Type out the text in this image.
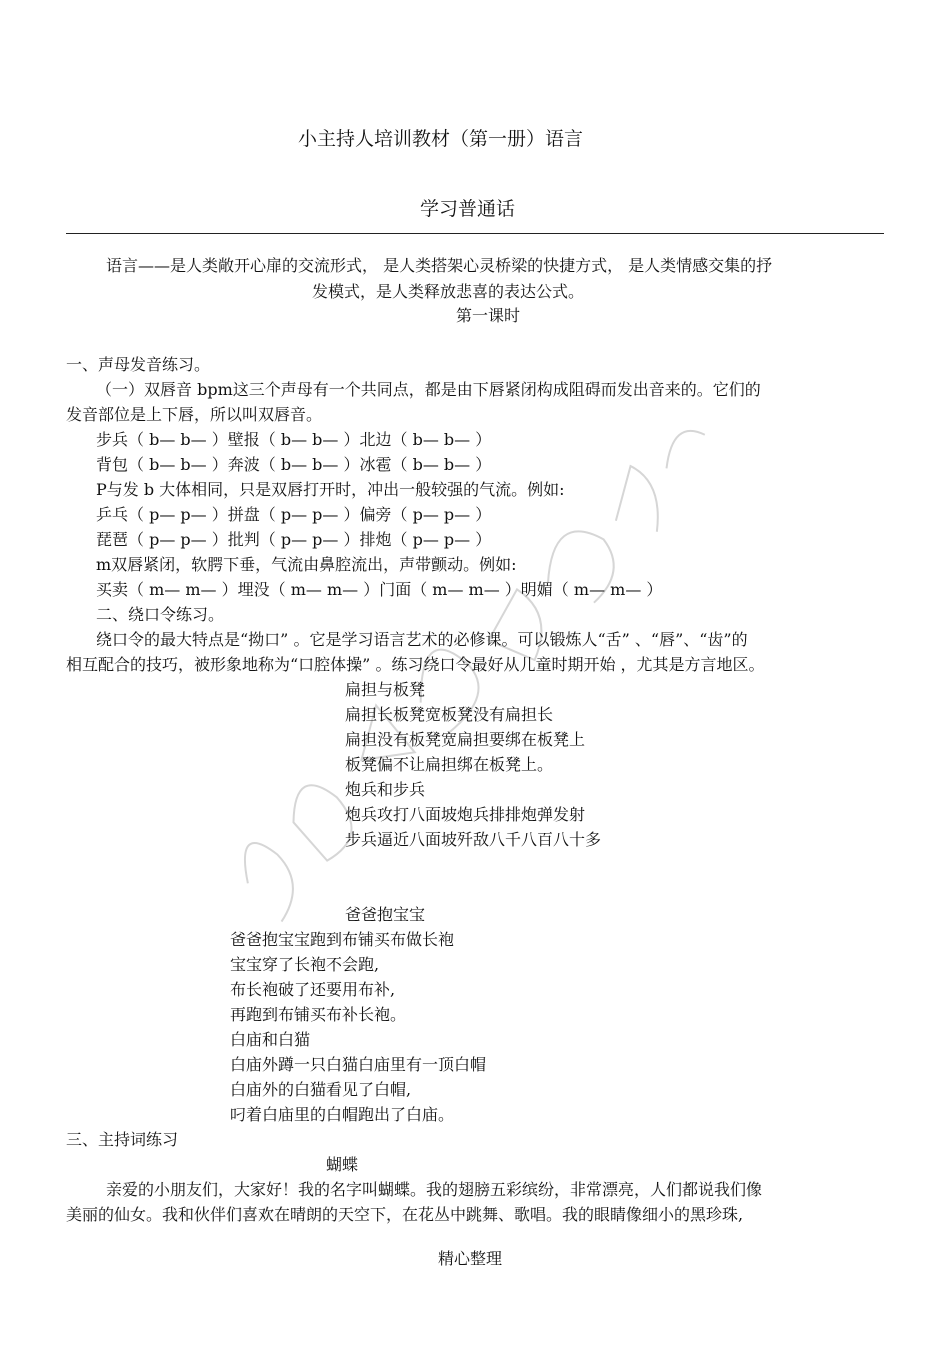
小主持人培训教材（第一册）语言
学习普通话
语言——是人类敞开心扉的交流形式， 是人类搭架心灵桥梁的快捷方式， 是人类情感交集的抒
发模式，是人类释放悲喜的表达公式。
第一课时
一、声母发音练习。
（一）双唇音 bpm这三个声母有一个共同点，都是由下唇紧闭构成阻碍而发出音来的。它们的
发音部位是上下唇，所以叫双唇音。
步兵（ b— b— ）壁报（ b— b— ）北边（ b— b— ）
背包（ b— b— ）奔波（ b— b— ）冰雹（ b— b— ）
P与发 b 大体相同，只是双唇打开时，冲出一般较强的气流。例如:
乒乓（ p— p— ）拼盘（ p— p— ）偏旁（ p— p— ）
琵琶（ p— p— ）批判（ p— p— ）排炮（ p— p— ）
m双唇紧闭，软腭下垂，气流由鼻腔流出，声带颤动。例如:
买卖（ m— m— ）埋没（ m— m— ）门面（ m— m— ）明媚（ m— m— ）
二、绕口令练习。
绕口令的最大特点是“拗口” 。它是学习语言艺术的必修课。可以锻炼人“舌” 、“唇”、“齿”的
相互配合的技巧，被形象地称为“口腔体操” 。练习绕口令最好从儿童时期开始 ，尤其是方言地区。
扁担与板凳
扁担长板凳宽板凳没有扁担长
扁担没有板凳宽扁担要绑在板凳上
板凳偏不让扁担绑在板凳上。
炮兵和步兵
炮兵攻打八面坡炮兵排排炮弹发射
步兵逼近八面坡歼敌八千八百八十多
爸爸抱宝宝
爸爸抱宝宝跑到布铺买布做长袍
宝宝穿了长袍不会跑,
布长袍破了还要用布补,
再跑到布铺买布补长袍。
白庙和白猫
白庙外蹲一只白猫白庙里有一顶白帽
白庙外的白猫看见了白帽,
叼着白庙里的白帽跑出了白庙。
三、主持词练习
蝴蝶
亲爱的小朋友们，大家好！我的名字叫蝴蝶。我的翅膀五彩缤纷，非常漂亮，人们都说我们像
美丽的仙女。我和伙伴们喜欢在晴朗的天空下，在花丛中跳舞、歌唱。我的眼睛像细小的黑珍珠,
精心整理
